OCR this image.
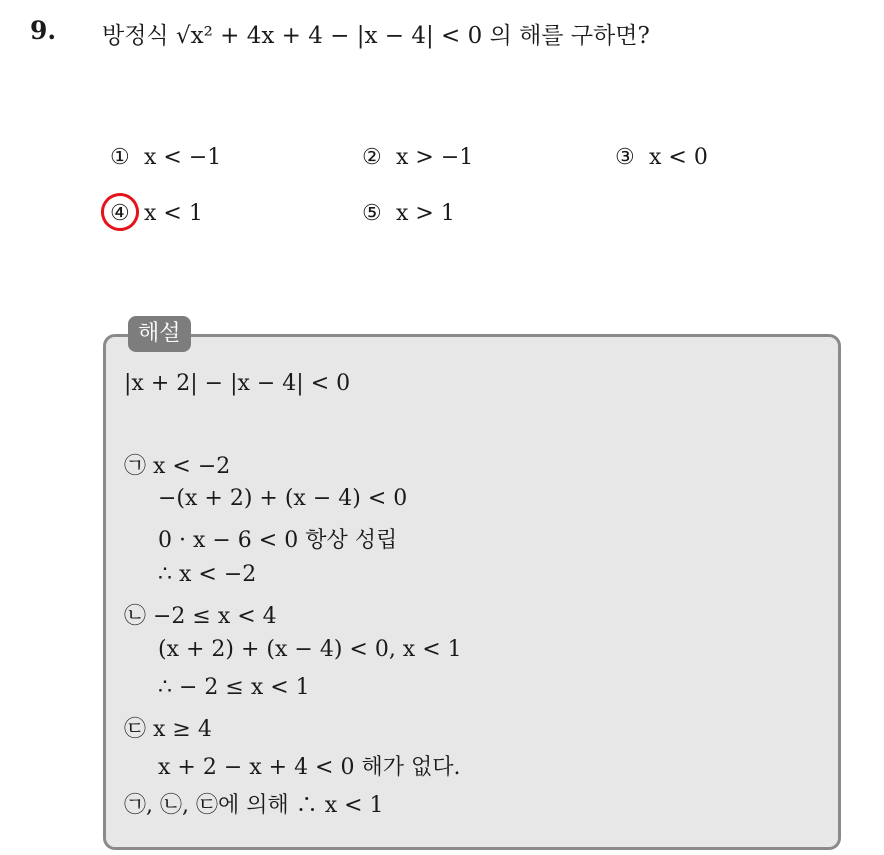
9. 방정식 √x² + 4x + 4 − |x − 4| < 0 의 해를 구하면?
① x < −1	② x > −1	③ x < 0
④ x < 1	⑤ x > 1
해설
|x + 2| − |x − 4| < 0
㉠ x < −2
−(x + 2) + (x − 4) < 0
0 · x − 6 < 0 항상 성립
∴ x < −2
㉡ −2 ≤ x < 4
(x + 2) + (x − 4) < 0, x < 1
∴ − 2 ≤ x < 1
㉢ x ≥ 4
x + 2 − x + 4 < 0 해가 없다.
㉠, ㉡, ㉢에 의해 ∴ x < 1
